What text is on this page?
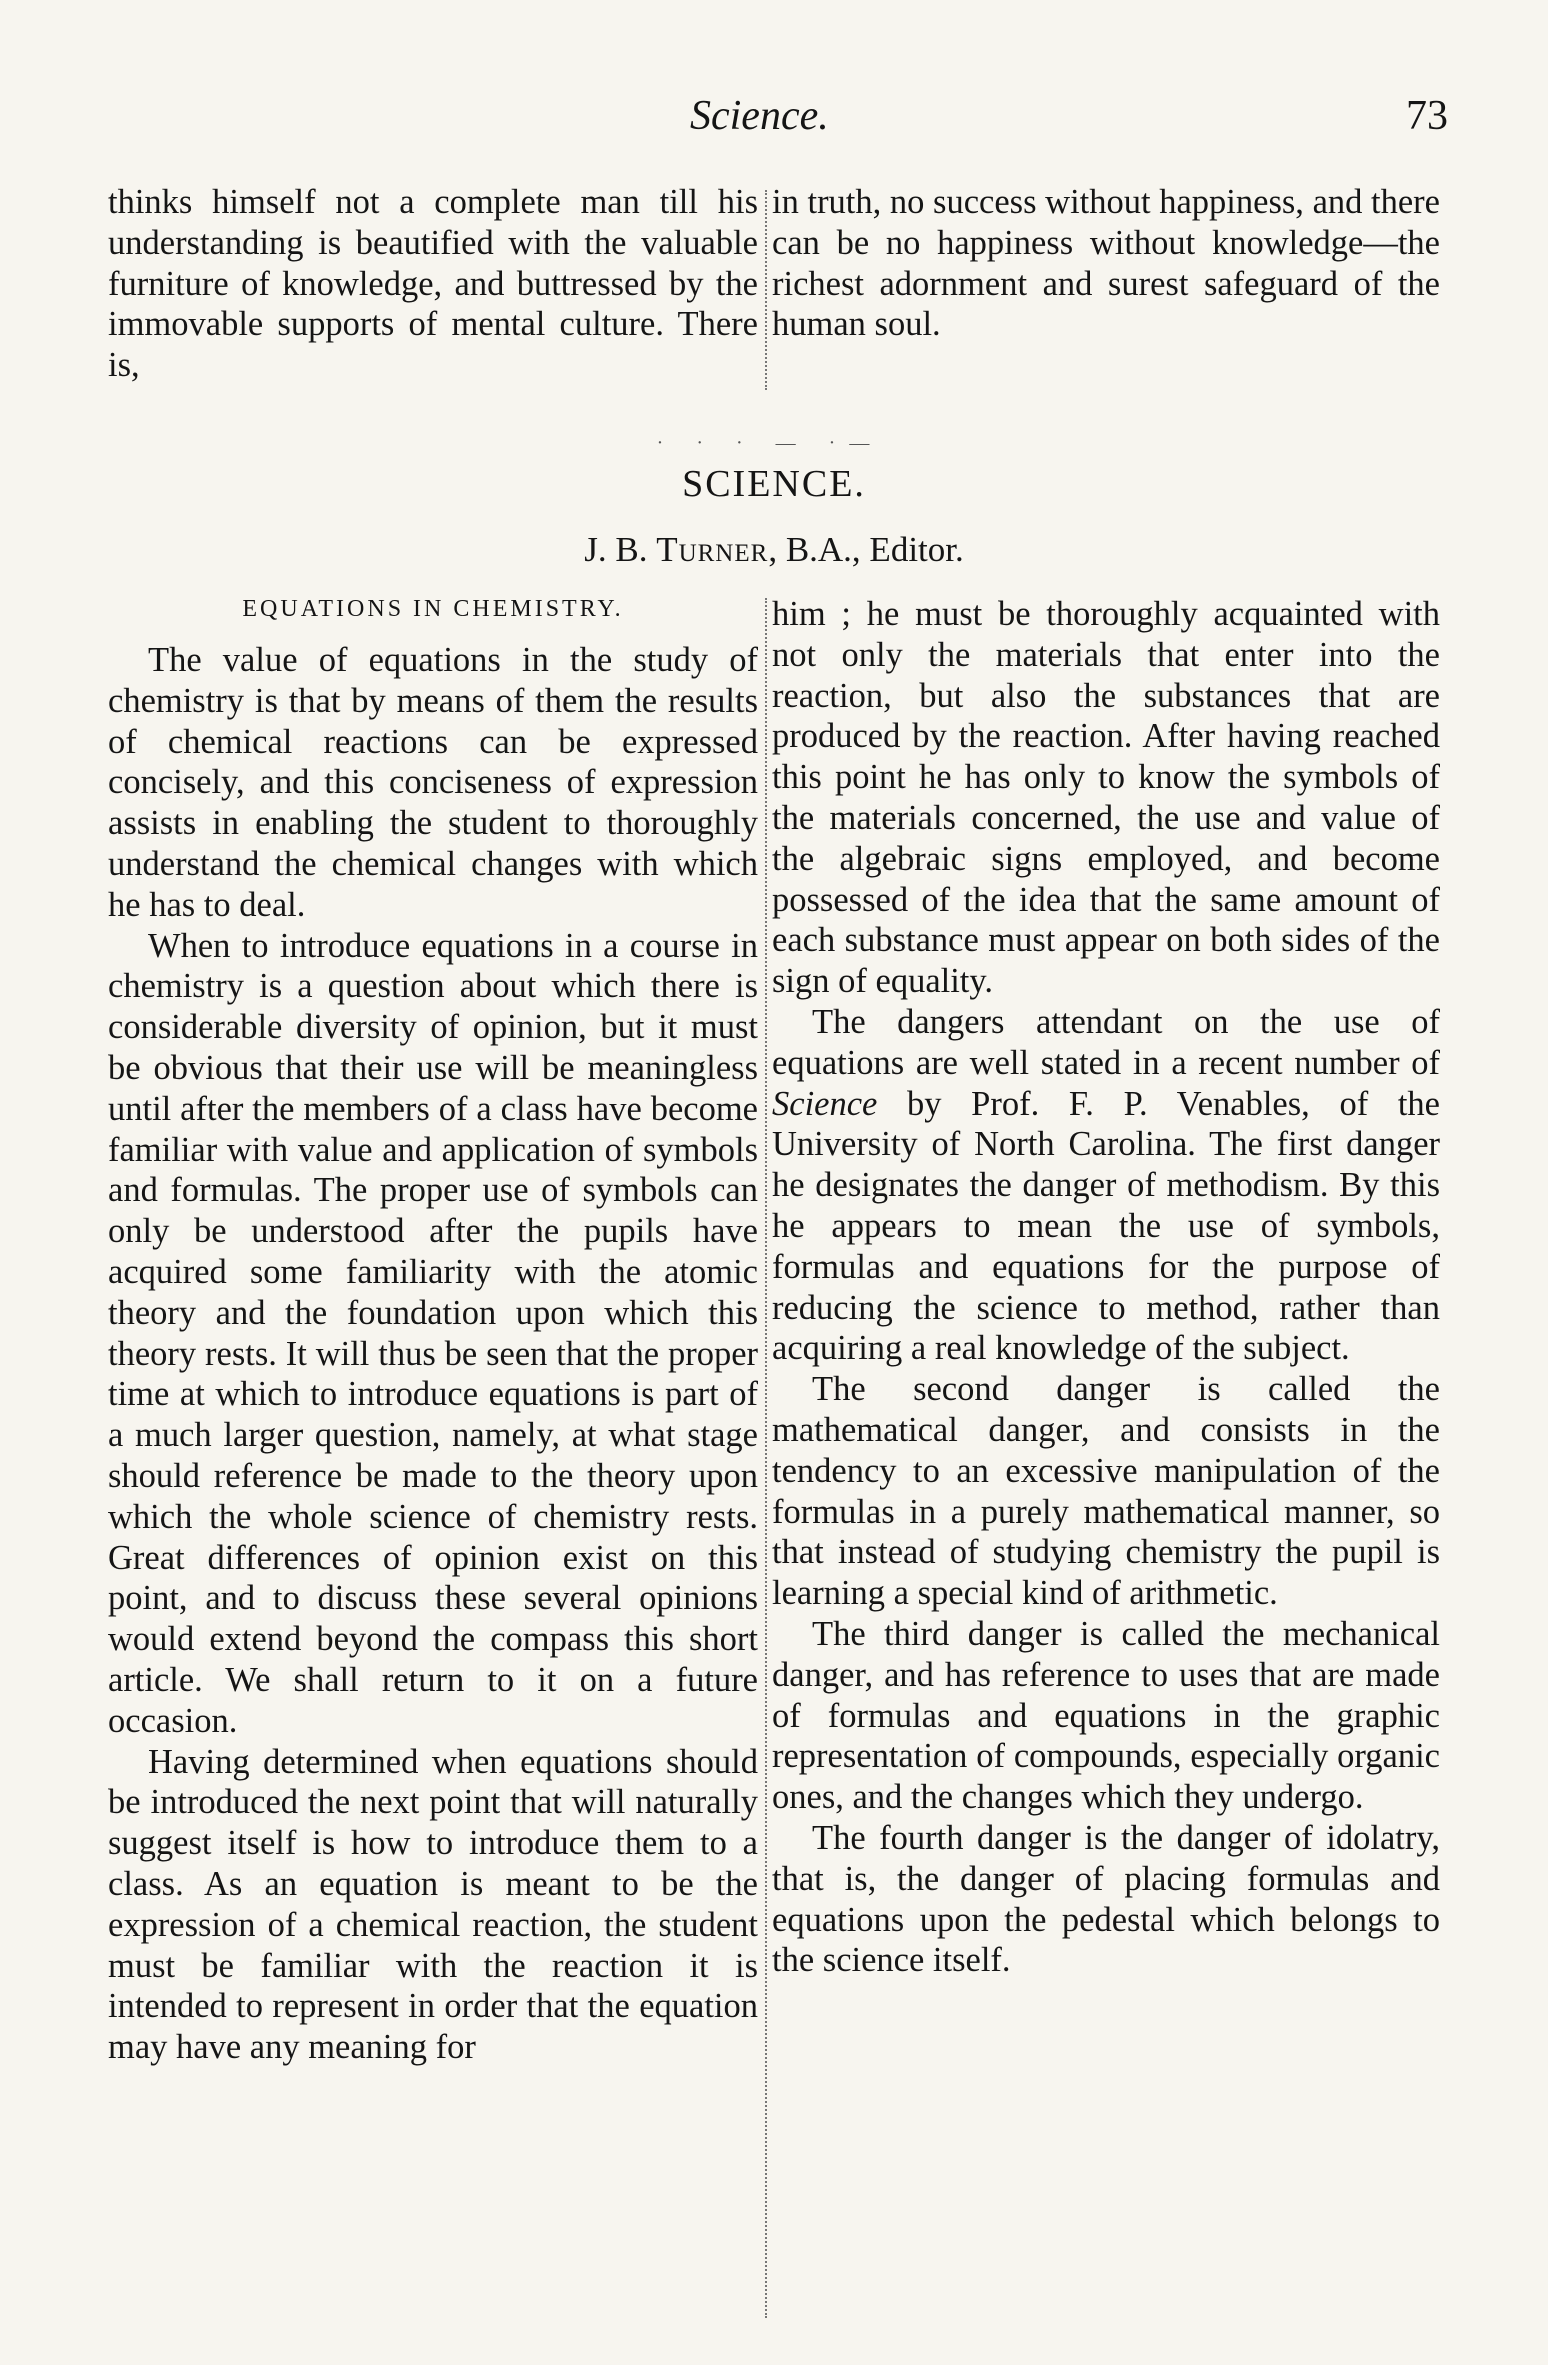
Science.	73

thinks himself not a complete man till his understanding is beautified with the valuable furniture of knowledge, and buttressed by the immovable supports of mental culture. There is,

in truth, no success without happiness, and there can be no happiness without knowledge—the richest adornment and surest safeguard of the human soul.

· · · — ·—
SCIENCE.
J. B. Turner, B.A., Editor.
EQUATIONS IN CHEMISTRY.

The value of equations in the study of chemistry is that by means of them the results of chemical reactions can be expressed concisely, and this conciseness of expression assists in enabling the student to thoroughly understand the chemical changes with which he has to deal.

When to introduce equations in a course in chemistry is a question about which there is considerable diversity of opinion, but it must be obvious that their use will be meaningless until after the members of a class have become familiar with value and application of symbols and formulas. The proper use of symbols can only be understood after the pupils have acquired some familiarity with the atomic theory and the foundation upon which this theory rests. It will thus be seen that the proper time at which to introduce equations is part of a much larger question, namely, at what stage should reference be made to the theory upon which the whole science of chemistry rests. Great differences of opinion exist on this point, and to discuss these several opinions would extend beyond the compass this short article. We shall return to it on a future occasion.

Having determined when equations should be introduced the next point that will naturally suggest itself is how to introduce them to a class. As an equation is meant to be the expression of a chemical reaction, the student must be familiar with the reaction it is intended to represent in order that the equation may have any meaning for

him ; he must be thoroughly acquainted with not only the materials that enter into the reaction, but also the substances that are produced by the reaction. After having reached this point he has only to know the symbols of the materials concerned, the use and value of the algebraic signs employed, and become possessed of the idea that the same amount of each substance must appear on both sides of the sign of equality.

The dangers attendant on the use of equations are well stated in a recent number of Science by Prof. F. P. Venables, of the University of North Carolina. The first danger he designates the danger of methodism. By this he appears to mean the use of symbols, formulas and equations for the purpose of reducing the science to method, rather than acquiring a real knowledge of the subject.

The second danger is called the mathematical danger, and consists in the tendency to an excessive manipulation of the formulas in a purely mathematical manner, so that instead of studying chemistry the pupil is learning a special kind of arithmetic.

The third danger is called the mechanical danger, and has reference to uses that are made of formulas and equations in the graphic representation of compounds, especially organic ones, and the changes which they undergo.

The fourth danger is the danger of idolatry, that is, the danger of placing formulas and equations upon the pedestal which belongs to the science itself.
